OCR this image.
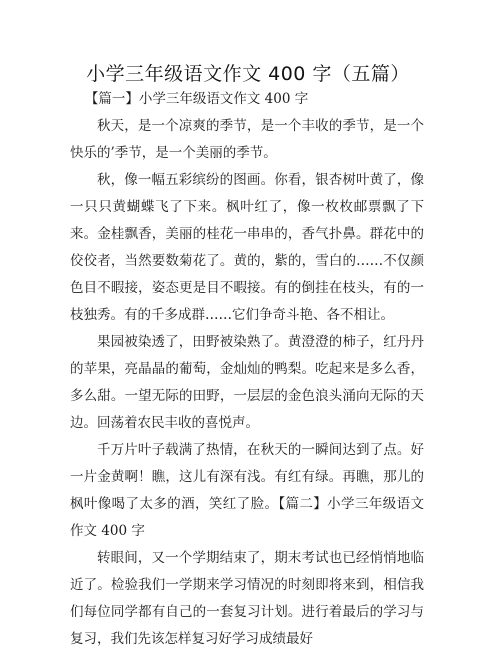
小学三年级语文作文 400 字（五篇）

【篇一】小学三年级语文作文 400 字

秋天，是一个凉爽的季节，是一个丰收的季节，是一个快乐的’季节，是一个美丽的季节。

秋，像一幅五彩缤纷的图画。你看，银杏树叶黄了，像一只只黄蝴蝶飞了下来。枫叶红了，像一枚枚邮票飘了下来。金桂飘香，美丽的桂花一串串的，香气扑鼻。群花中的佼佼者，当然要数菊花了。黄的，紫的，雪白的……不仅颜色目不暇接，姿态更是目不暇接。有的倒挂在枝头，有的一枝独秀。有的千多成群……它们争奇斗艳、各不相让。

果园被染透了，田野被染熟了。黄澄澄的柿子，红丹丹的苹果，亮晶晶的葡萄，金灿灿的鸭梨。吃起来是多么香，多么甜。一望无际的田野，一层层的金色浪头涌向无际的天边。回荡着农民丰收的喜悦声。

千万片叶子载满了热情，在秋天的一瞬间达到了点。好一片金黄啊！瞧，这儿有深有浅。有红有绿。再瞧，那儿的枫叶像喝了太多的酒，笑红了脸。【篇二】小学三年级语文作文 400 字

转眼间，又一个学期结束了，期末考试也已经悄悄地临近了。检验我们一学期来学习情况的时刻即将来到，相信我们每位同学都有自己的一套复习计划。进行着最后的学习与复习，我们先该怎样复习好学习成绩最好
